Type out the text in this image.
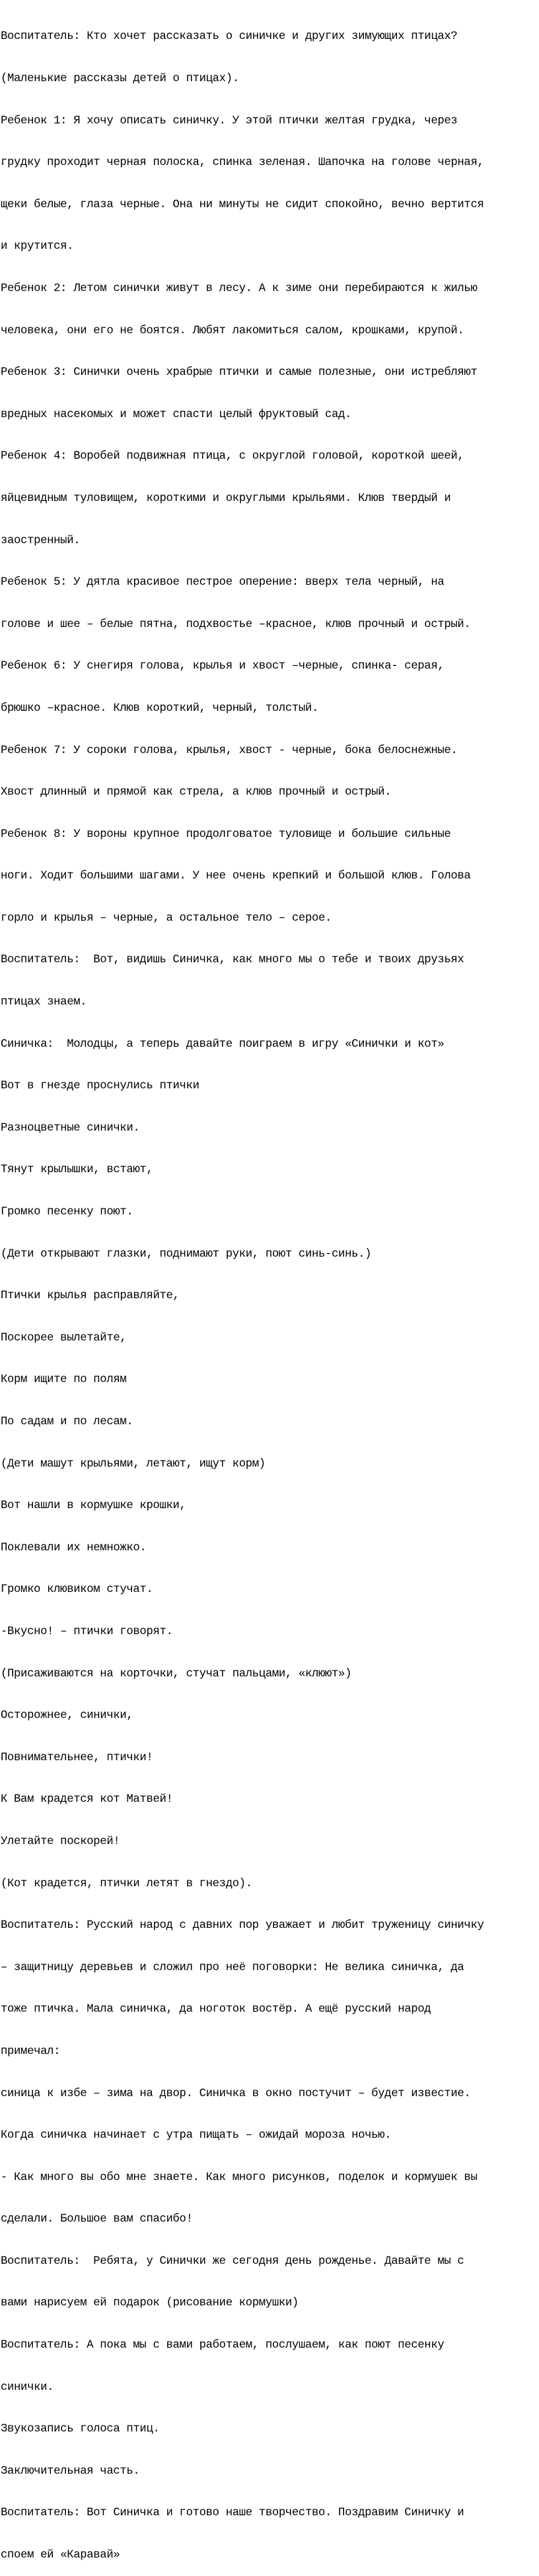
Воспитатель: Кто хочет рассказать о синичке и других зимующих птицах?

(Маленькие рассказы детей о птицах).

Ребенок 1: Я хочу описать синичку. У этой птички желтая грудка, через

грудку проходит черная полоска, спинка зеленая. Шапочка на голове черная,

щеки белые, глаза черные. Она ни минуты не сидит спокойно, вечно вертится

и крутится.

Ребенок 2: Летом синички живут в лесу. А к зиме они перебираются к жилью

человека, они его не боятся. Любят лакомиться салом, крошками, крупой.

Ребенок 3: Синички очень храбрые птички и самые полезные, они истребляют

вредных насекомых и может спасти целый фруктовый сад.

Ребенок 4: Воробей подвижная птица, с округлой головой, короткой шеей,

яйцевидным туловищем, короткими и округлыми крыльями. Клюв твердый и

заостренный.

Ребенок 5: У дятла красивое пестрое оперение: вверх тела черный, на

голове и шее – белые пятна, подхвостье –красное, клюв прочный и острый.

Ребенок 6: У снегиря голова, крылья и хвост –черные, спинка- серая,

брюшко –красное. Клюв короткий, черный, толстый.

Ребенок 7: У сороки голова, крылья, хвост - черные, бока белоснежные.

Хвост длинный и прямой как стрела, а клюв прочный и острый.

Ребенок 8: У вороны крупное продолговатое туловище и большие сильные

ноги. Ходит большими шагами. У нее очень крепкий и большой клюв. Голова

горло и крылья – черные, а остальное тело – серое.

Воспитатель:  Вот, видишь Синичка, как много мы о тебе и твоих друзьях

птицах знаем.

Синичка:  Молодцы, а теперь давайте поиграем в игру «Синички и кот»

Вот в гнезде проснулись птички

Разноцветные синички.

Тянут крылышки, встают,

Громко песенку поют.

(Дети открывают глазки, поднимают руки, поют синь-синь.)

Птички крылья расправляйте,

Поскорее вылетайте,

Корм ищите по полям

По садам и по лесам.

(Дети машут крыльями, летают, ищут корм)

Вот нашли в кормушке крошки,

Поклевали их немножко.

Громко клювиком стучат.

-Вкусно! – птички говорят.

(Присаживаются на корточки, стучат пальцами, «клюют»)

Осторожнее, синички,

Повнимательнее, птички!

К Вам крадется кот Матвей!

Улетайте поскорей!

(Кот крадется, птички летят в гнездо).

Воспитатель: Русский народ с давних пор уважает и любит труженицу синичку

– защитницу деревьев и сложил про неё поговорки: Не велика синичка, да

тоже птичка. Мала синичка, да ноготок востёр. А ещё русский народ

примечал:

синица к избе – зима на двор. Синичка в окно постучит – будет известие.

Когда синичка начинает с утра пищать – ожидай мороза ночью.

- Как много вы обо мне знаете. Как много рисунков, поделок и кормушек вы

сделали. Большое вам спасибо!

Воспитатель:  Ребята, у Синички же сегодня день рожденье. Давайте мы с

вами нарисуем ей подарок (рисование кормушки)

Воспитатель: А пока мы с вами работаем, послушаем, как поют песенку

синички.

Звукозапись голоса птиц.

Заключительная часть.

Воспитатель: Вот Синичка и готово наше творчество. Поздравим Синичку и

споем ей «Каравай»
